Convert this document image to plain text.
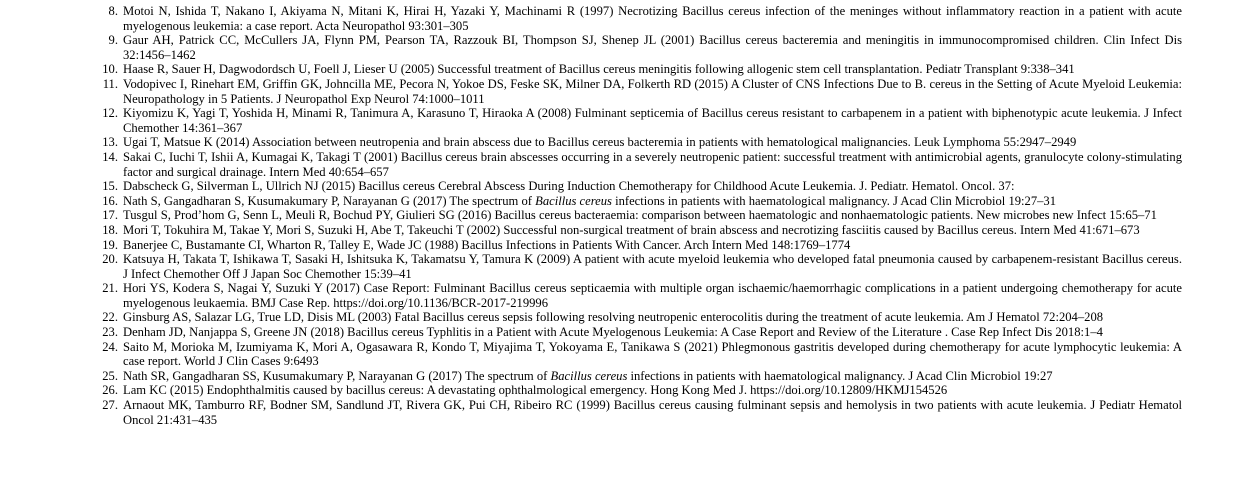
8. Motoi N, Ishida T, Nakano I, Akiyama N, Mitani K, Hirai H, Yazaki Y, Machinami R (1997) Necrotizing Bacillus cereus infection of the meninges without inflammatory reaction in a patient with acute myelogenous leukemia: a case report. Acta Neuropathol 93:301–305
9. Gaur AH, Patrick CC, McCullers JA, Flynn PM, Pearson TA, Razzouk BI, Thompson SJ, Shenep JL (2001) Bacillus cereus bacteremia and meningitis in immunocompromised children. Clin Infect Dis 32:1456–1462
10. Haase R, Sauer H, Dagwodordsch U, Foell J, Lieser U (2005) Successful treatment of Bacillus cereus meningitis following allogenic stem cell transplantation. Pediatr Transplant 9:338–341
11. Vodopivec I, Rinehart EM, Griffin GK, Johncilla ME, Pecora N, Yokoe DS, Feske SK, Milner DA, Folkerth RD (2015) A Cluster of CNS Infections Due to B. cereus in the Setting of Acute Myeloid Leukemia: Neuropathology in 5 Patients. J Neuropathol Exp Neurol 74:1000–1011
12. Kiyomizu K, Yagi T, Yoshida H, Minami R, Tanimura A, Karasuno T, Hiraoka A (2008) Fulminant septicemia of Bacillus cereus resistant to carbapenem in a patient with biphenotypic acute leukemia. J Infect Chemother 14:361–367
13. Ugai T, Matsue K (2014) Association between neutropenia and brain abscess due to Bacillus cereus bacteremia in patients with hematological malignancies. Leuk Lymphoma 55:2947–2949
14. Sakai C, Iuchi T, Ishii A, Kumagai K, Takagi T (2001) Bacillus cereus brain abscesses occurring in a severely neutropenic patient: successful treatment with antimicrobial agents, granulocyte colony-stimulating factor and surgical drainage. Intern Med 40:654–657
15. Dabscheck G, Silverman L, Ullrich NJ (2015) Bacillus cereus Cerebral Abscess During Induction Chemotherapy for Childhood Acute Leukemia. J. Pediatr. Hematol. Oncol. 37:
16. Nath S, Gangadharan S, Kusumakumary P, Narayanan G (2017) The spectrum of Bacillus cereus infections in patients with haematological malignancy. J Acad Clin Microbiol 19:27–31
17. Tusgul S, Prod’hom G, Senn L, Meuli R, Bochud PY, Giulieri SG (2016) Bacillus cereus bacteraemia: comparison between haematologic and nonhaematologic patients. New microbes new Infect 15:65–71
18. Mori T, Tokuhira M, Takae Y, Mori S, Suzuki H, Abe T, Takeuchi T (2002) Successful non-surgical treatment of brain abscess and necrotizing fasciitis caused by Bacillus cereus. Intern Med 41:671–673
19. Banerjee C, Bustamante CI, Wharton R, Talley E, Wade JC (1988) Bacillus Infections in Patients With Cancer. Arch Intern Med 148:1769–1774
20. Katsuya H, Takata T, Ishikawa T, Sasaki H, Ishitsuka K, Takamatsu Y, Tamura K (2009) A patient with acute myeloid leukemia who developed fatal pneumonia caused by carbapenem-resistant Bacillus cereus. J Infect Chemother Off J Japan Soc Chemother 15:39–41
21. Hori YS, Kodera S, Nagai Y, Suzuki Y (2017) Case Report: Fulminant Bacillus cereus septicaemia with multiple organ ischaemic/haemorrhagic complications in a patient undergoing chemotherapy for acute myelogenous leukaemia. BMJ Case Rep. https://doi.org/10.1136/BCR-2017-219996
22. Ginsburg AS, Salazar LG, True LD, Disis ML (2003) Fatal Bacillus cereus sepsis following resolving neutropenic enterocolitis during the treatment of acute leukemia. Am J Hematol 72:204–208
23. Denham JD, Nanjappa S, Greene JN (2018) Bacillus cereus Typhlitis in a Patient with Acute Myelogenous Leukemia: A Case Report and Review of the Literature . Case Rep Infect Dis 2018:1–4
24. Saito M, Morioka M, Izumiyama K, Mori A, Ogasawara R, Kondo T, Miyajima T, Yokoyama E, Tanikawa S (2021) Phlegmonous gastritis developed during chemotherapy for acute lymphocytic leukemia: A case report. World J Clin Cases 9:6493
25. Nath SR, Gangadharan SS, Kusumakumary P, Narayanan G (2017) The spectrum of Bacillus cereus infections in patients with haematological malignancy. J Acad Clin Microbiol 19:27
26. Lam KC (2015) Endophthalmitis caused by bacillus cereus: A devastating ophthalmological emergency. Hong Kong Med J. https://doi.org/10.12809/HKMJ154526
27. Arnaout MK, Tamburro RF, Bodner SM, Sandlund JT, Rivera GK, Pui CH, Ribeiro RC (1999) Bacillus cereus causing fulminant sepsis and hemolysis in two patients with acute leukemia. J Pediatr Hematol Oncol 21:431–435
